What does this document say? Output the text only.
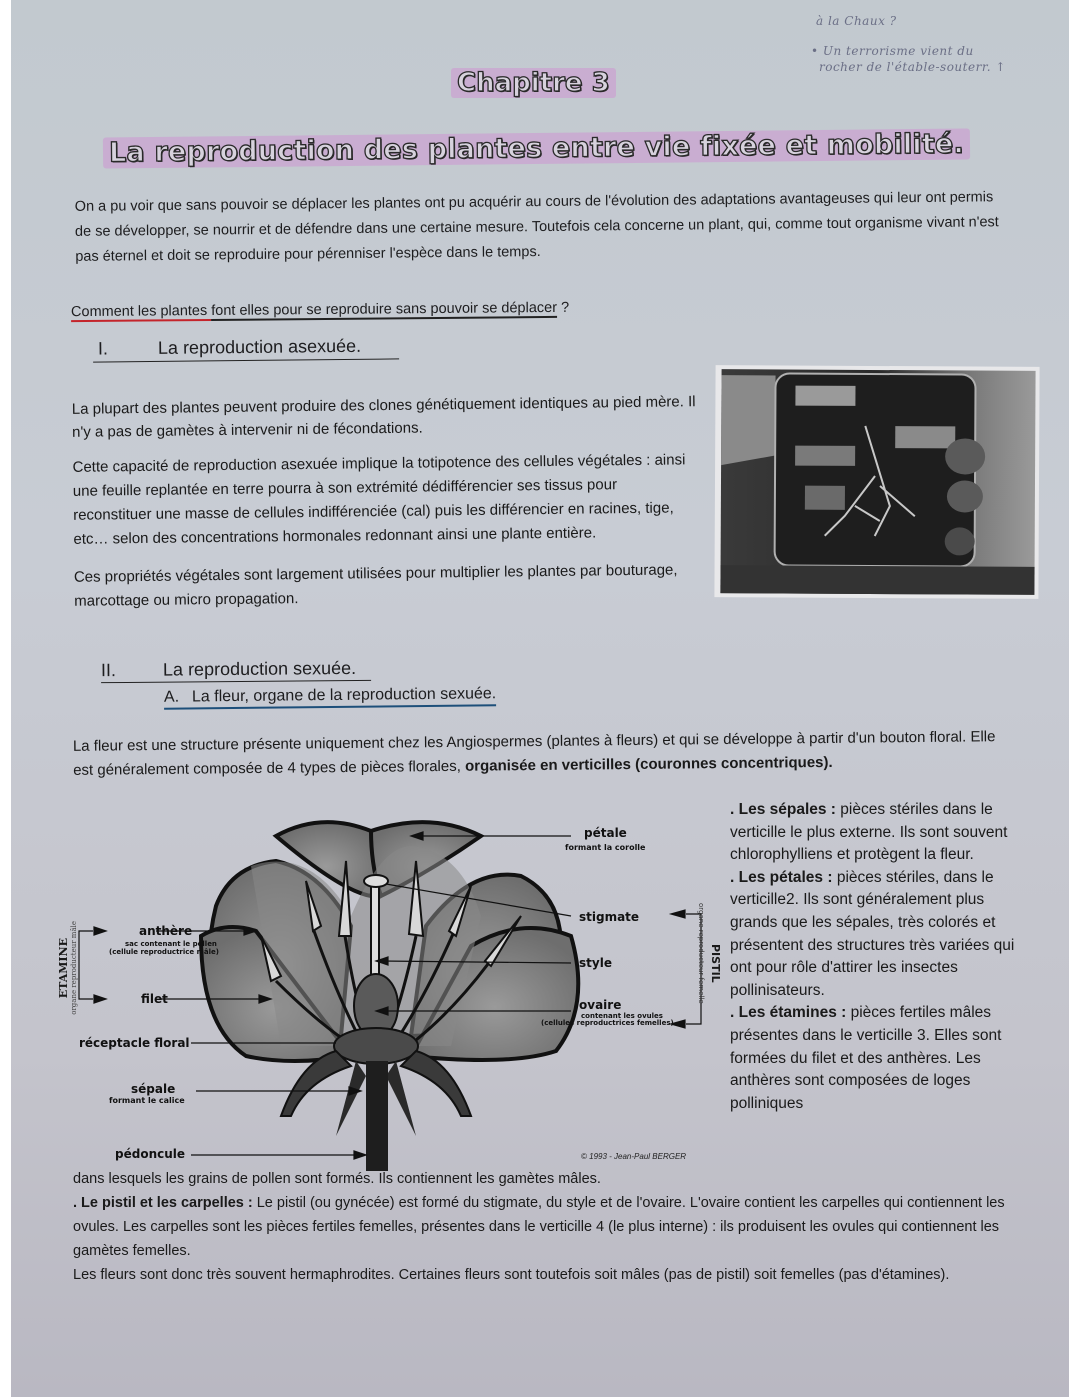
à la Chaux ?
• Un terrorisme vient du
rocher de l'étable-souterr. ↑
Chapitre 3
La reproduction des plantes entre vie fixée et mobilité.
On a pu voir que sans pouvoir se déplacer les plantes ont pu acquérir au cours de l'évolution des adaptations avantageuses qui leur ont permis de se développer, se nourrir et de défendre dans une certaine mesure. Toutefois cela concerne un plant, qui, comme tout organisme vivant n'est pas éternel et doit se reproduire pour pérenniser l'espèce dans le temps.
Comment les plantes font elles pour se reproduire sans pouvoir se déplacer ?
I.	La reproduction asexuée.

La plupart des plantes peuvent produire des clones génétiquement identiques au pied mère. Il n'y a pas de gamètes à intervenir ni de fécondations.

Cette capacité de reproduction asexuée implique la totipotence des cellules végétales : ainsi une feuille replantée en terre pourra à son extrémité dédifférencier ses tissus pour reconstituer une masse de cellules indifférenciée (cal) puis les différencier en racines, tige, etc… selon des concentrations hormonales redonnant ainsi une plante entière.

Ces propriétés végétales sont largement utilisées pour multiplier les plantes par bouturage, marcottage ou micro propagation.

II.	La reproduction sexuée.
A. La fleur, organe de la reproduction sexuée.
La fleur est une structure présente uniquement chez les Angiospermes (plantes à fleurs) et qui se développe à partir d'un bouton floral. Elle est généralement composée de 4 types de pièces florales, organisée en verticilles (couronnes concentriques).
pétale
formant la corolle
stigmate
style
ovaire
contenant les ovules
(cellules reproductrices femelles)
anthère
sac contenant le pollen
(cellule reproductrice mâle)
filet
réceptacle floral
sépale
formant le calice
pédoncule
ETAMINE organe reproducteur mâle	PISTIL
organe reproducteur femelle
© 1993 - Jean-Paul BERGER
. Les sépales : pièces stériles dans le verticille le plus externe. Ils sont souvent chlorophylliens et protègent la fleur.
. Les pétales : pièces stériles, dans le verticille2. Ils sont généralement plus grands que les sépales, très colorés et présentent des structures très variées qui ont pour rôle d'attirer les insectes pollinisateurs.
. Les étamines : pièces fertiles mâles présentes dans le verticille 3. Elles sont formées du filet et des anthères. Les anthères sont composées de loges polliniques
dans lesquels les grains de pollen sont formés. Ils contiennent les gamètes mâles.
. Le pistil et les carpelles : Le pistil (ou gynécée) est formé du stigmate, du style et de l'ovaire. L'ovaire contient les carpelles qui contiennent les ovules. Les carpelles sont les pièces fertiles femelles, présentes dans le verticille 4 (le plus interne) : ils produisent les ovules qui contiennent les gamètes femelles.
Les fleurs sont donc très souvent hermaphrodites. Certaines fleurs sont toutefois soit mâles (pas de pistil) soit femelles (pas d'étamines).
